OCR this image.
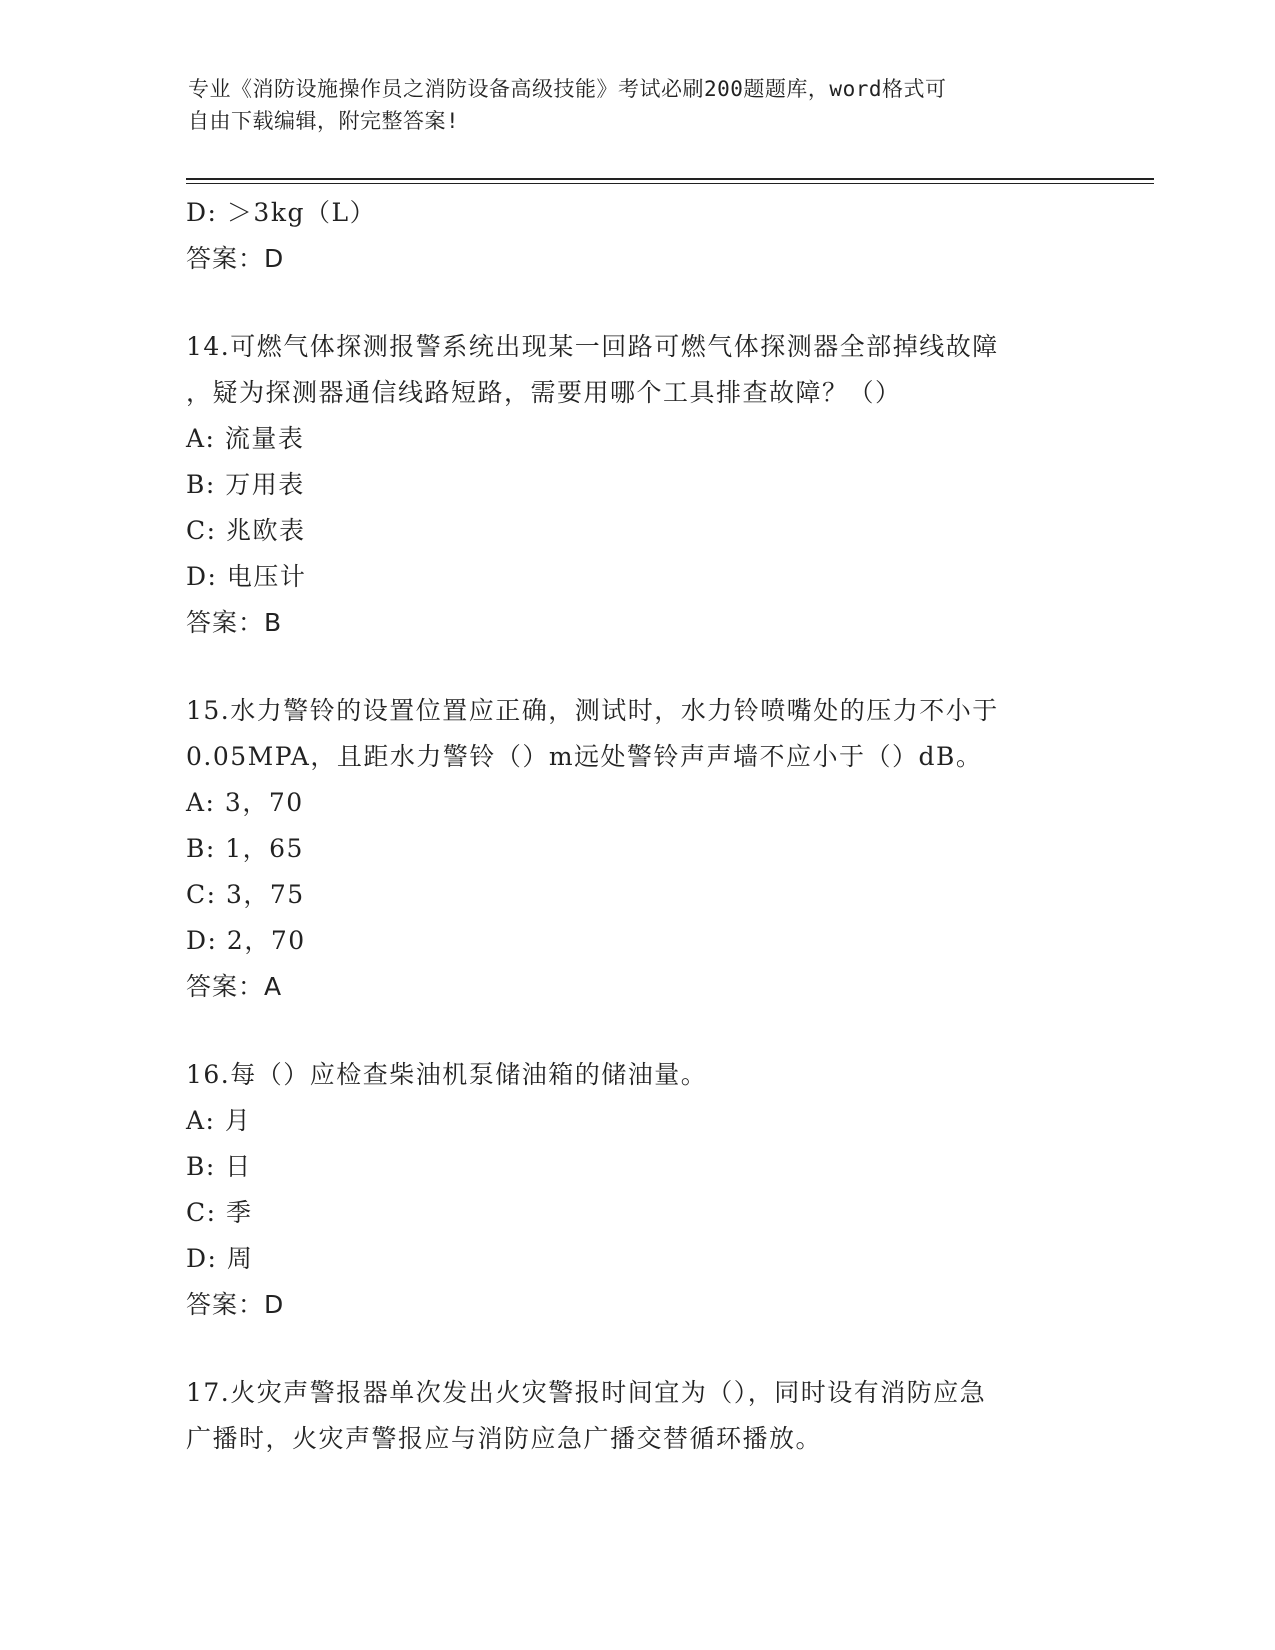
专业《消防设施操作员之消防设备高级技能》考试必刷200题题库，word格式可
自由下载编辑，附完整答案!
D: ＞3kg（L）
答案：D
14.可燃气体探测报警系统出现某一回路可燃气体探测器全部掉线故障
，疑为探测器通信线路短路，需要用哪个工具排查故障？（）
A: 流量表
B: 万用表
C: 兆欧表
D: 电压计
答案：B
15.水力警铃的设置位置应正确，测试时，水力铃喷嘴处的压力不小于
0.05MPA，且距水力警铃（）m远处警铃声声墙不应小于（）dB。
A: 3，70
B: 1，65
C: 3，75
D: 2，70
答案：A
16.每（）应检查柴油机泵储油箱的储油量。
A: 月
B: 日
C: 季
D: 周
答案：D
17.火灾声警报器单次发出火灾警报时间宜为（），同时设有消防应急
广播时，火灾声警报应与消防应急广播交替循环播放。
